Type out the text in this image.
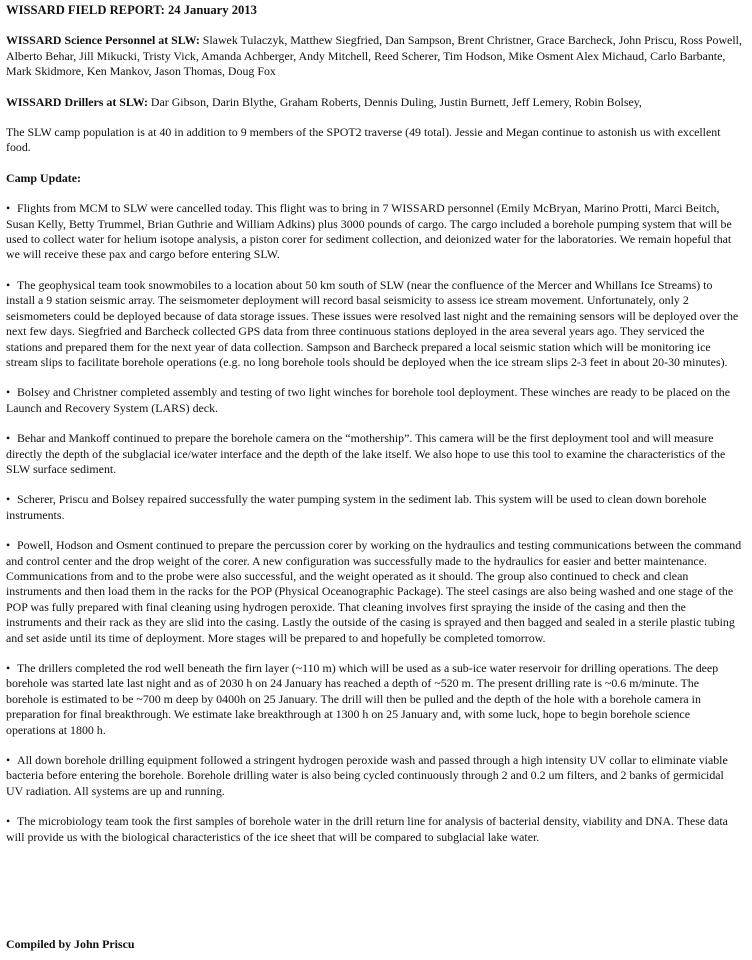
WISSARD FIELD REPORT: 24 January 2013

WISSARD Science Personnel at SLW: Slawek Tulaczyk, Matthew Siegfried, Dan Sampson, Brent Christner, Grace Barcheck, John Priscu, Ross Powell, Alberto Behar, Jill Mikucki, Tristy Vick, Amanda Achberger, Andy Mitchell, Reed Scherer, Tim Hodson, Mike Osment Alex Michaud, Carlo Barbante, Mark Skidmore, Ken Mankov, Jason Thomas, Doug Fox

WISSARD Drillers at SLW: Dar Gibson, Darin Blythe, Graham Roberts, Dennis Duling, Justin Burnett, Jeff Lemery, Robin Bolsey,

The SLW camp population is at 40 in addition to 9 members of the SPOT2 traverse (49 total). Jessie and Megan continue to astonish us with excellent food.

Camp Update:

• Flights from MCM to SLW were cancelled today. This flight was to bring in 7 WISSARD personnel (Emily McBryan, Marino Protti, Marci Beitch, Susan Kelly, Betty Trummel, Brian Guthrie and William Adkins) plus 3000 pounds of cargo. The cargo included a borehole pumping system that will be used to collect water for helium isotope analysis, a piston corer for sediment collection, and deionized water for the laboratories. We remain hopeful that we will receive these pax and cargo before entering SLW.

• The geophysical team took snowmobiles to a location about 50 km south of SLW (near the confluence of the Mercer and Whillans Ice Streams) to install a 9 station seismic array. The seismometer deployment will record basal seismicity to assess ice stream movement. Unfortunately, only 2 seismometers could be deployed because of data storage issues. These issues were resolved last night and the remaining sensors will be deployed over the next few days. Siegfried and Barcheck collected GPS data from three continuous stations deployed in the area several years ago. They serviced the stations and prepared them for the next year of data collection. Sampson and Barcheck prepared a local seismic station which will be monitoring ice stream slips to facilitate borehole operations (e.g. no long borehole tools should be deployed when the ice stream slips 2-3 feet in about 20-30 minutes).

• Bolsey and Christner completed assembly and testing of two light winches for borehole tool deployment. These winches are ready to be placed on the Launch and Recovery System (LARS) deck.

• Behar and Mankoff continued to prepare the borehole camera on the “mothership”. This camera will be the first deployment tool and will measure directly the depth of the subglacial ice/water interface and the depth of the lake itself. We also hope to use this tool to examine the characteristics of the SLW surface sediment.

• Scherer, Priscu and Bolsey repaired successfully the water pumping system in the sediment lab. This system will be used to clean down borehole instruments.

• Powell, Hodson and Osment continued to prepare the percussion corer by working on the hydraulics and testing communications between the command and control center and the drop weight of the corer. A new configuration was successfully made to the hydraulics for easier and better maintenance. Communications from and to the probe were also successful, and the weight operated as it should. The group also continued to check and clean instruments and then load them in the racks for the POP (Physical Oceanographic Package). The steel casings are also being washed and one stage of the POP was fully prepared with final cleaning using hydrogen peroxide. That cleaning involves first spraying the inside of the casing and then the instruments and their rack as they are slid into the casing. Lastly the outside of the casing is sprayed and then bagged and sealed in a sterile plastic tubing and set aside until its time of deployment. More stages will be prepared to and hopefully be completed tomorrow.

• The drillers completed the rod well beneath the firn layer (~110 m) which will be used as a sub-ice water reservoir for drilling operations. The deep borehole was started late last night and as of 2030 h on 24 January has reached a depth of ~520 m. The present drilling rate is ~0.6 m/minute. The borehole is estimated to be ~700 m deep by 0400h on 25 January. The drill will then be pulled and the depth of the hole with a borehole camera in preparation for final breakthrough. We estimate lake breakthrough at 1300 h on 25 January and, with some luck, hope to begin borehole science operations at 1800 h.

• All down borehole drilling equipment followed a stringent hydrogen peroxide wash and passed through a high intensity UV collar to eliminate viable bacteria before entering the borehole. Borehole drilling water is also being cycled continuously through 2 and 0.2 um filters, and 2 banks of germicidal UV radiation. All systems are up and running.

• The microbiology team took the first samples of borehole water in the drill return line for analysis of bacterial density, viability and DNA. These data will provide us with the biological characteristics of the ice sheet that will be compared to subglacial lake water.

Compiled by John Priscu
